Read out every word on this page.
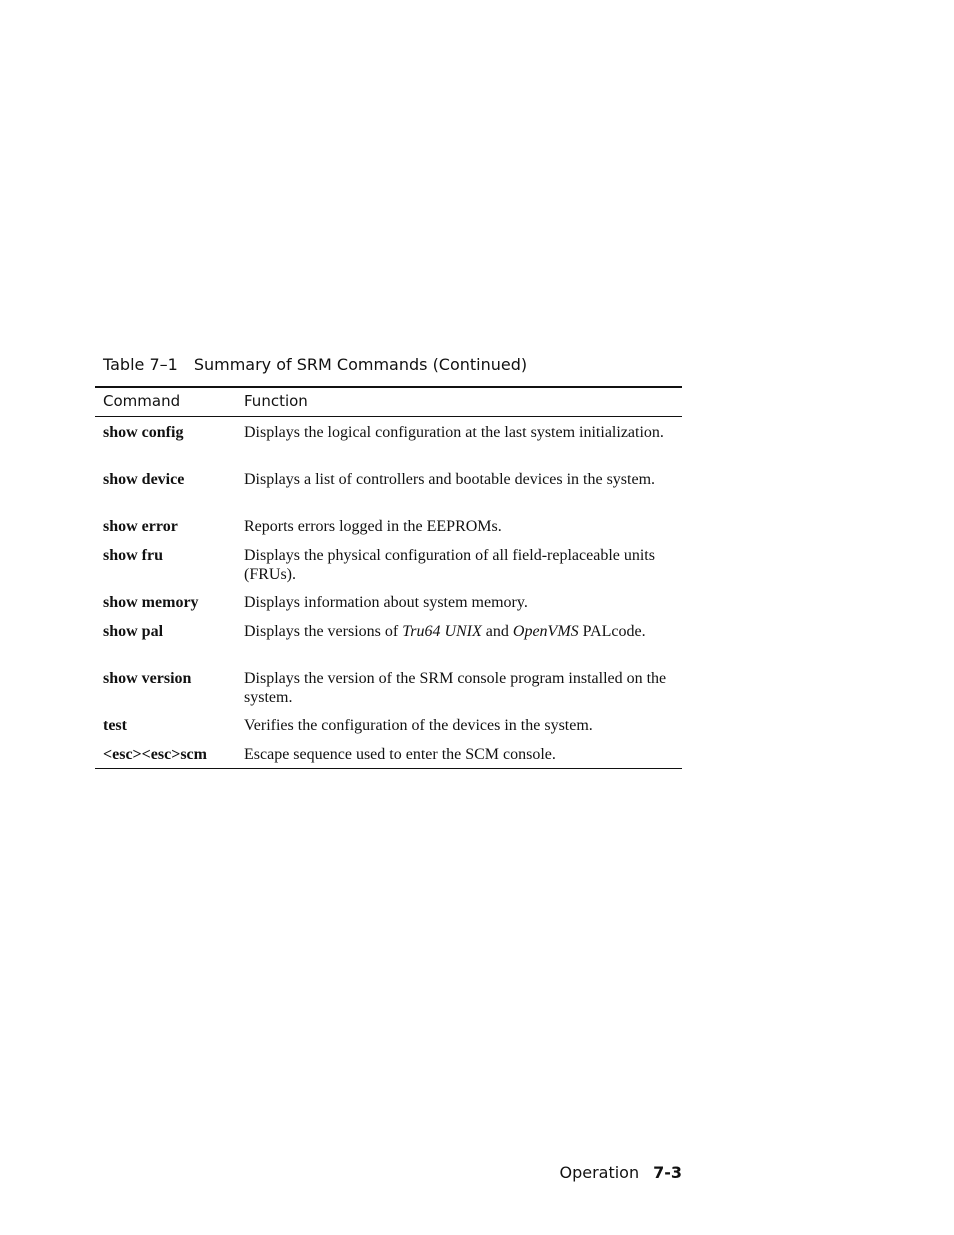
Table 7–1 Summary of SRM Commands (Continued)
Command	Function
show config	Displays the logical configuration at the last system initialization.
show device	Displays a list of controllers and bootable devices in the system.
show error	Reports errors logged in the EEPROMs.
show fru	Displays the physical configuration of all field-replaceable units (FRUs).
show memory	Displays information about system memory.
show pal	Displays the versions of Tru64 UNIX and OpenVMS PALcode.
show version	Displays the version of the SRM console program installed on the system.
test	Verifies the configuration of the devices in the system.
<esc><esc>scm Escape sequence used to enter the SCM console.
Operation 7-3
